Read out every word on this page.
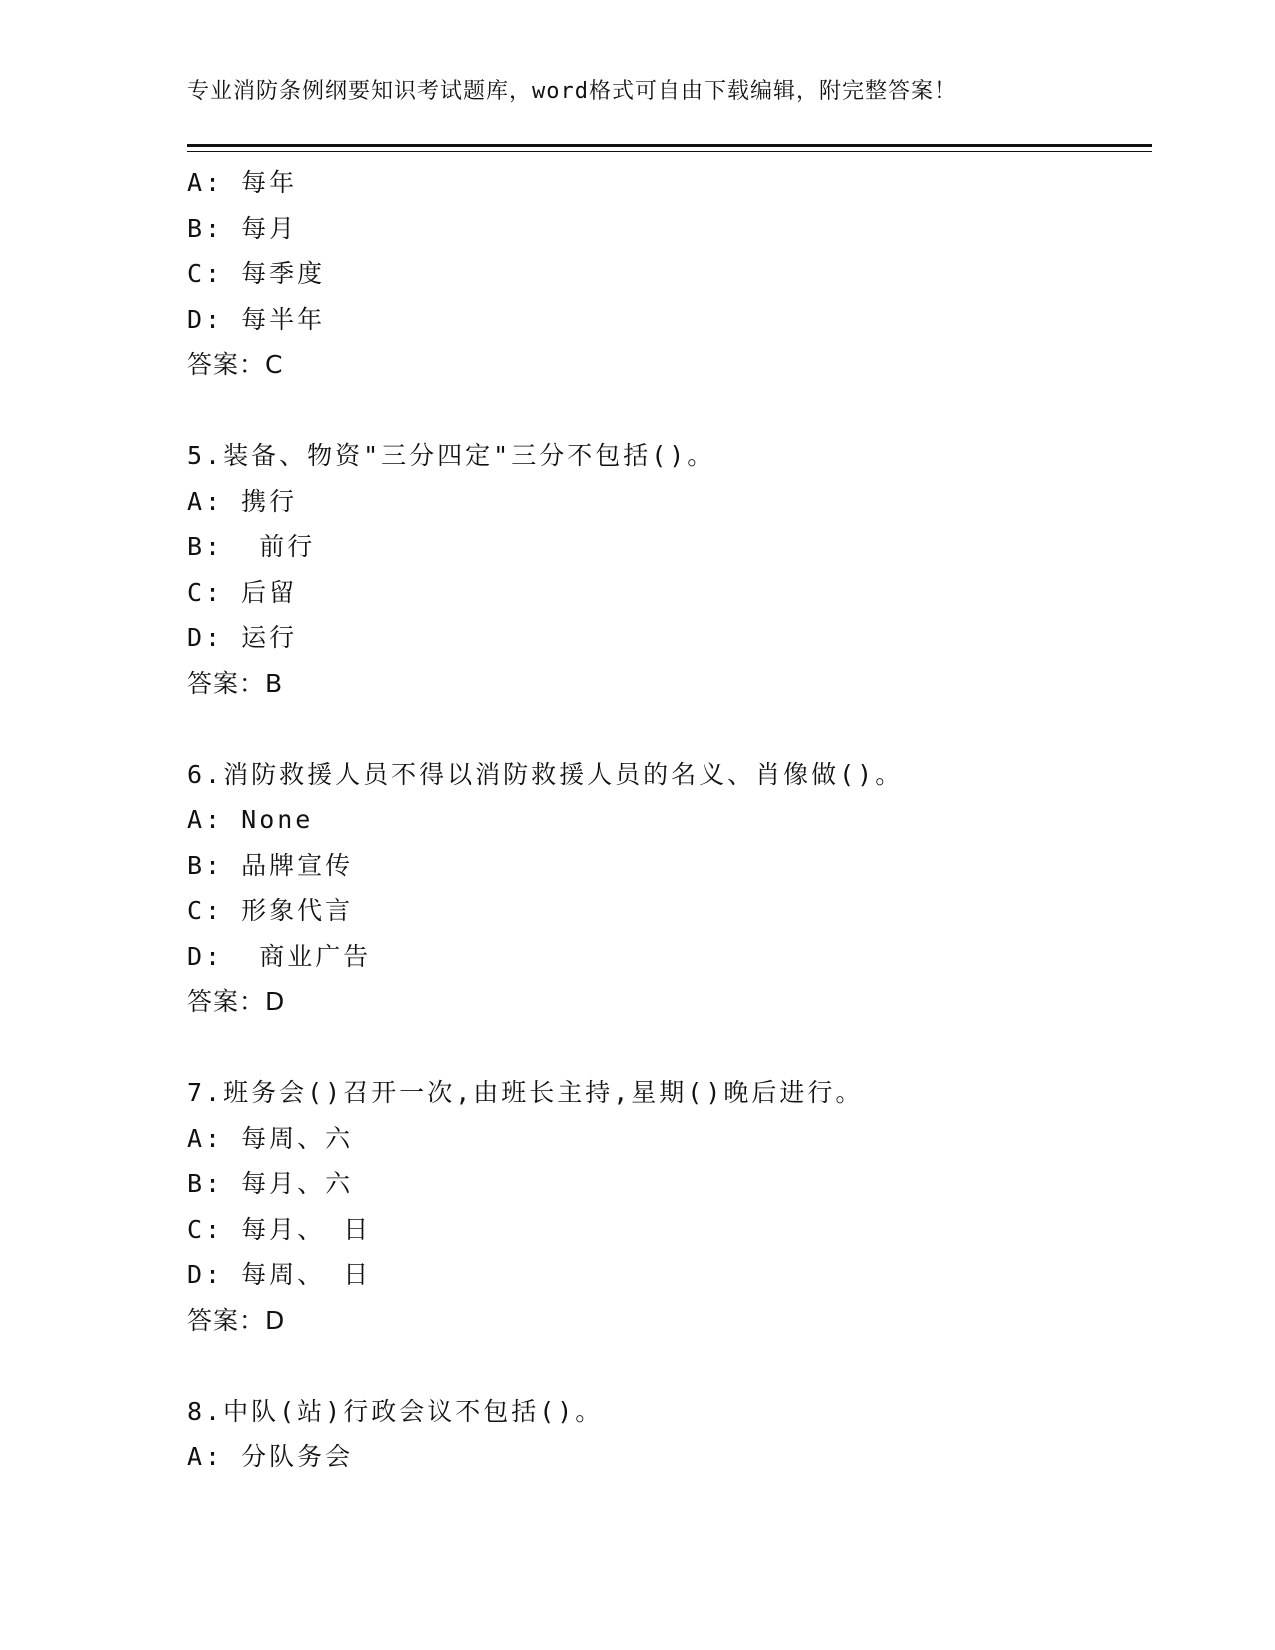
专业消防条例纲要知识考试题库，word格式可自由下载编辑，附完整答案！
A: 每年
B: 每月
C: 每季度
D: 每半年
答案：C
5.装备、物资"三分四定"三分不包括()。
A: 携行
B:  前行
C: 后留
D: 运行
答案：B
6.消防救援人员不得以消防救援人员的名义、肖像做()。
A: None
B: 品牌宣传
C: 形象代言
D:  商业广告
答案：D
7.班务会()召开一次,由班长主持,星期()晚后进行。
A: 每周、六
B: 每月、六
C: 每月、 日
D: 每周、 日
答案：D
8.中队(站)行政会议不包括()。
A: 分队务会
